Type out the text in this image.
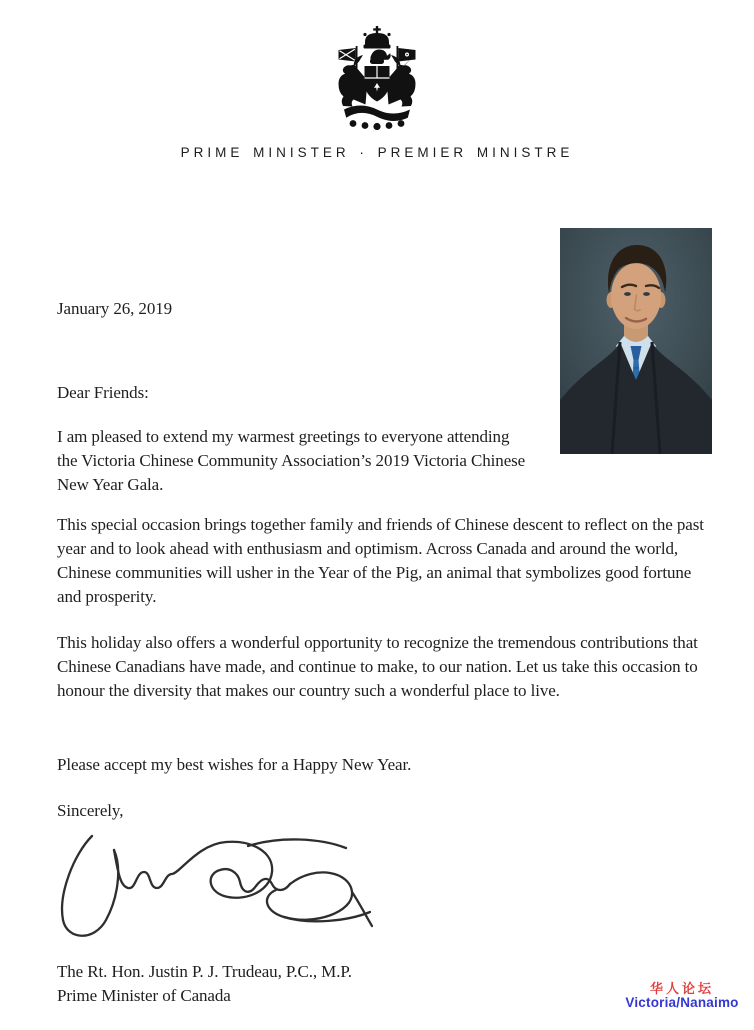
PRIME MINISTER · PREMIER MINISTRE
January 26, 2019
Dear Friends:
I am pleased to extend my warmest greetings to everyone attending the Victoria Chinese Community Association’s 2019 Victoria Chinese New Year Gala.
This special occasion brings together family and friends of Chinese descent to reflect on the past year and to look ahead with enthusiasm and optimism. Across Canada and around the world, Chinese communities will usher in the Year of the Pig, an animal that symbolizes good fortune and prosperity.
This holiday also offers a wonderful opportunity to recognize the tremendous contributions that Chinese Canadians have made, and continue to make, to our nation. Let us take this occasion to honour the diversity that makes our country such a wonderful place to live.
Please accept my best wishes for a Happy New Year.
Sincerely,
The Rt. Hon. Justin P. J. Trudeau, P.C., M.P.
Prime Minister of Canada	华人论坛
Victoria/Nanaimo
